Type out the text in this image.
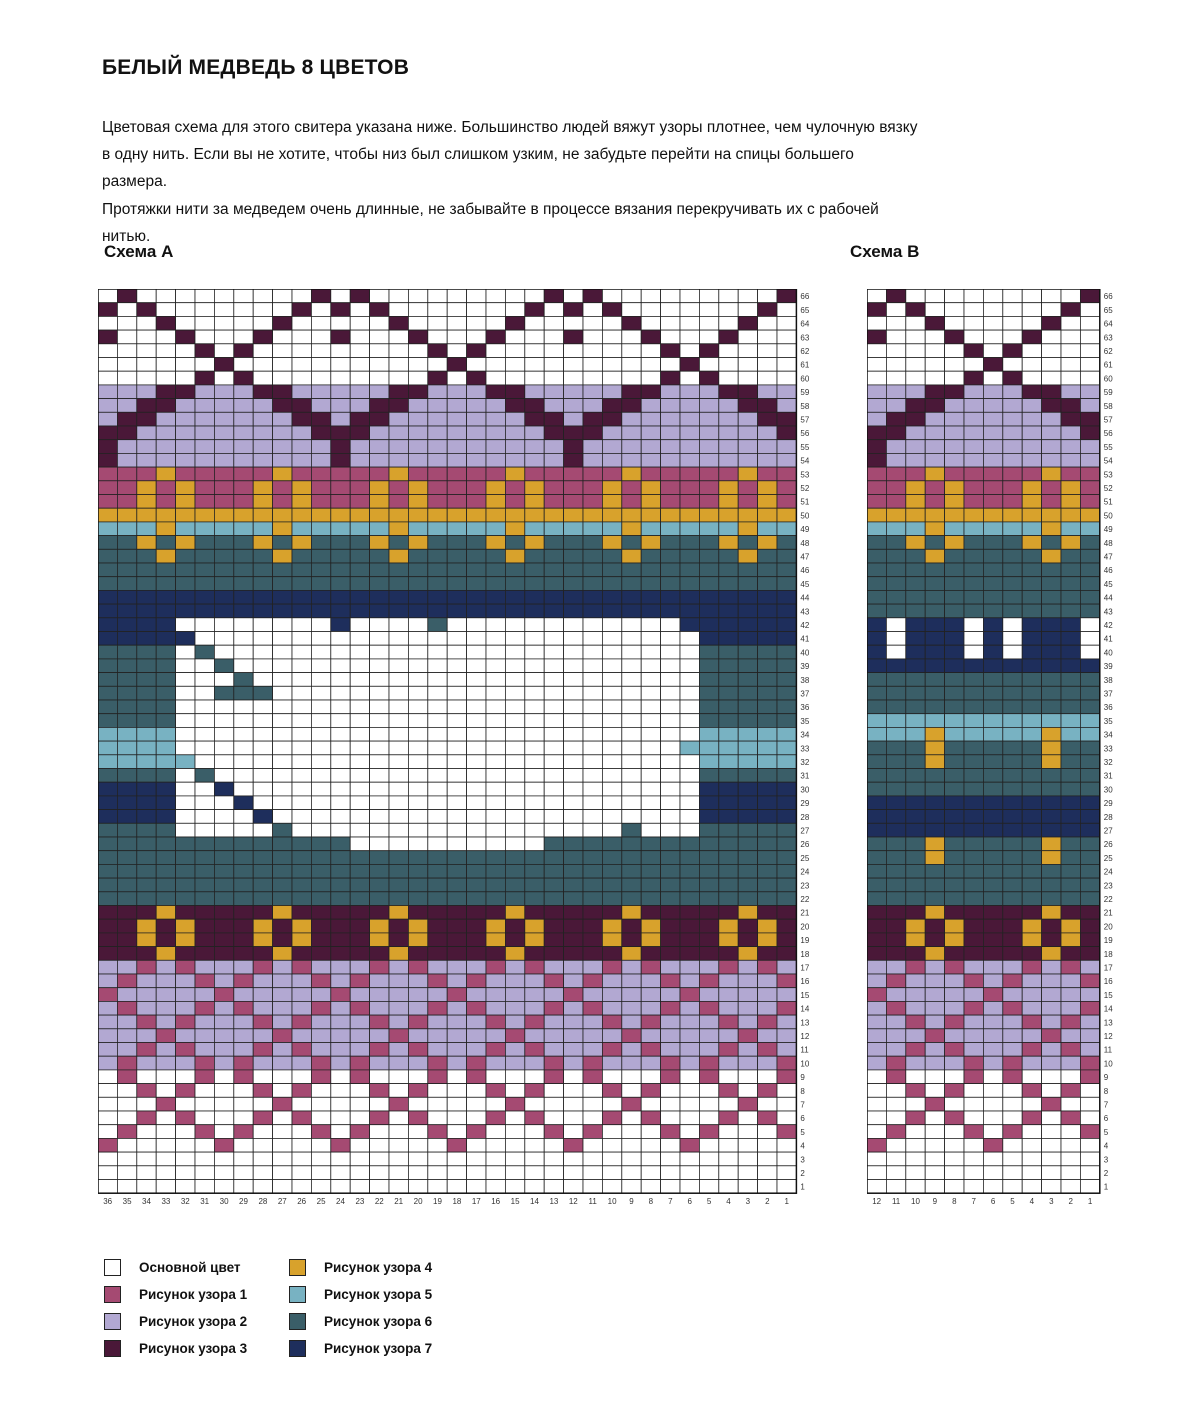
БЕЛЫЙ МЕДВЕДЬ 8 ЦВЕТОВ

Цветовая схема для этого свитера указана ниже. Большинство людей вяжут узоры плотнее, чем чулочную вязку в одну нить. Если вы не хотите, чтобы низ был слишком узким, не забудьте перейти на спицы большего размера.

Протяжки нити за медведем очень длинные, не забывайте в процессе вязания перекручивать их с рабочей нитью.

Схема А	Схема В
66
65
64
63
62
61
60
59
58
57
56
55
54
53
52
51
50
49
48
47
46
45
44
43
42
41
40
39
38
37
36
35
34
33
32
31
30
29
28
27
26
25
24
23
22
21
20
19
18
17
16
15
14
13
12
11
10
9
8
7
6
5
4
3
2
1
36 35 34 33 32 31 30 29 28 27 26 25 24 23 22 21 20 19 18 17 16 15 14 13 12 11 10 9 8 7 6 5 4 3 2 1
66
65
64
63
62
61
60
59
58
57
56
55
54
53
52
51
50
49
48
47
46
45
44
43
42
41
40
39
38
37
36
35
34
33
32
31
30
29
28
27
26
25
24
23
22
21
20
19
18
17
16
15
14
13
12
11
10
9
8
7
6
5
4
3
2
1
12 11 10 9 8 7 6 5 4 3 2 1
Основной цвет
Рисунок узора 1
Рисунок узора 2
Рисунок узора 3
Рисунок узора 4
Рисунок узора 5
Рисунок узора 6
Рисунок узора 7
